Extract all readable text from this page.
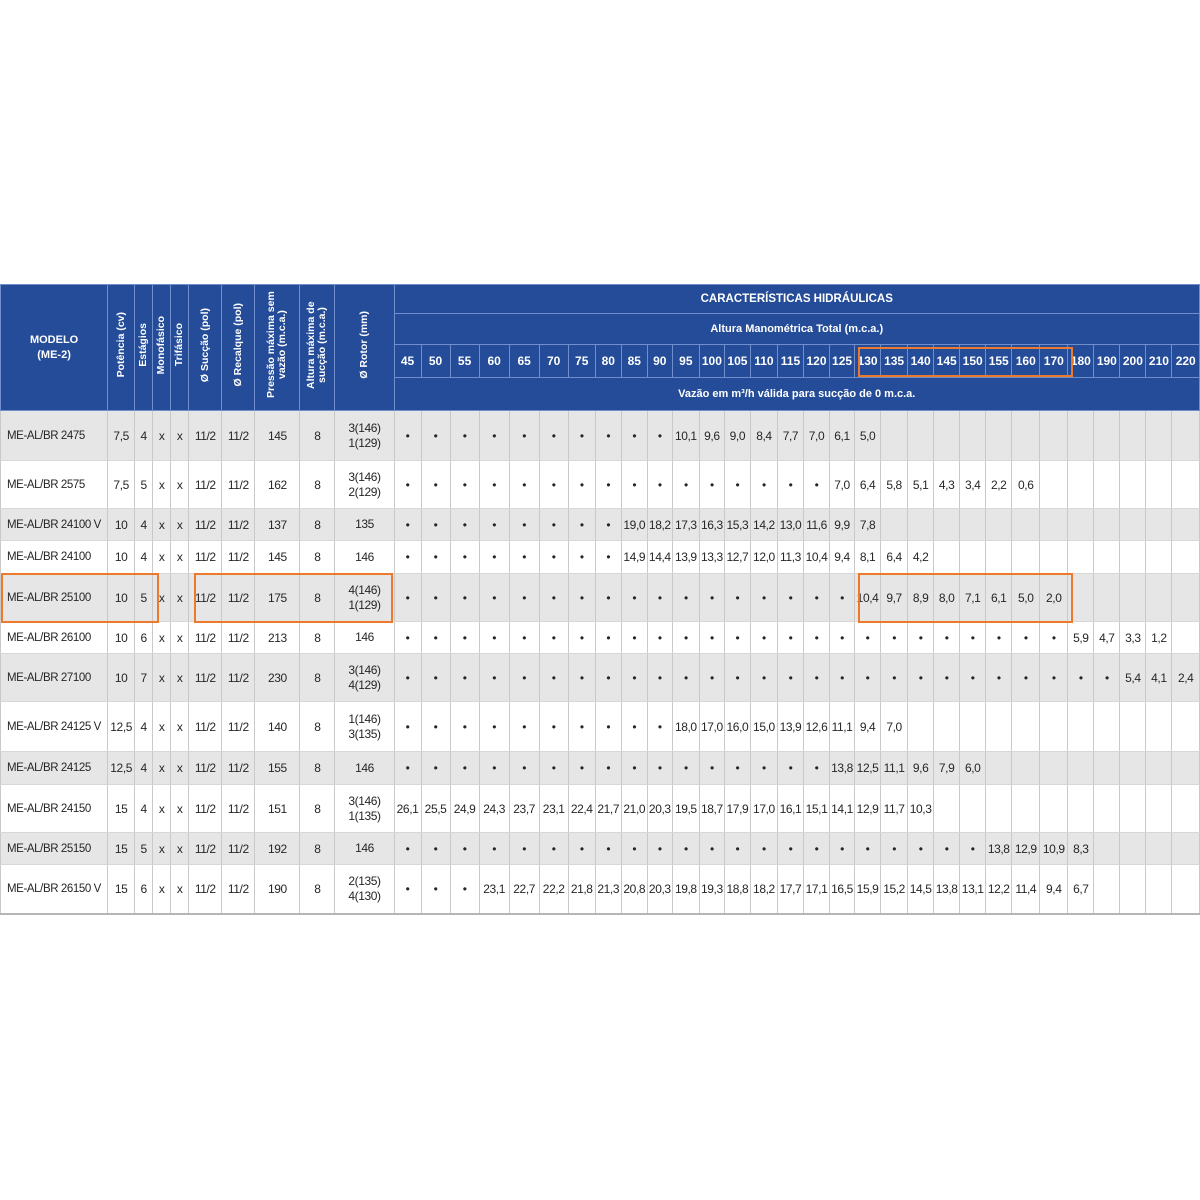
MODELO
(ME-2)	Potência (cv)	Estágios	Monofásico	Trifásico	Ø Sucção (pol)	Ø Recalque (pol)	Pressão máxima sem vazão (m.c.a.)	Altura máxima de sucção (m.c.a.)	Ø Rotor (mm)	CARACTERÍSTICAS HIDRÁULICAS																													
										Altura Manométrica Total (m.c.a.)																													
										45	50	55	60	65	70	75	80	85	90	95	100	105	110	115	120	125	130	135	140	145	150	155	160	170	180	190	200	210	220
										Vazão em m³/h válida para sucção de 0 m.c.a.																													
ME-AL/BR 2475	7,5	4	x	x	11/2	11/2	145	8	3(146)
1(129)	•	•	•	•	•	•	•	•	•	•	10,1	9,6	9,0	8,4	7,7	7,0	6,1	5,0												
ME-AL/BR 2575	7,5	5	x	x	11/2	11/2	162	8	3(146)
2(129)	•	•	•	•	•	•	•	•	•	•	•	•	•	•	•	•	7,0	6,4	5,8	5,1	4,3	3,4	2,2	0,6						
ME-AL/BR 24100 V	10	4	x	x	11/2	11/2	137	8	135	•	•	•	•	•	•	•	•	19,0	18,2	17,3	16,3	15,3	14,2	13,0	11,6	9,9	7,8												
ME-AL/BR 24100	10	4	x	x	11/2	11/2	145	8	146	•	•	•	•	•	•	•	•	14,9	14,4	13,9	13,3	12,7	12,0	11,3	10,4	9,4	8,1	6,4	4,2										
ME-AL/BR 25100	10	5	x	x	11/2	11/2	175	8	4(146)
1(129)	•	•	•	•	•	•	•	•	•	•	•	•	•	•	•	•	•	10,4	9,7	8,9	8,0	7,1	6,1	5,0	2,0					
ME-AL/BR 26100	10	6	x	x	11/2	11/2	213	8	146	•	•	•	•	•	•	•	•	•	•	•	•	•	•	•	•	•	•	•	•	•	•	•	•	•	5,9	4,7	3,3	1,2	
ME-AL/BR 27100	10	7	x	x	11/2	11/2	230	8	3(146)
4(129)	•	•	•	•	•	•	•	•	•	•	•	•	•	•	•	•	•	•	•	•	•	•	•	•	•	•	•	5,4	4,1	2,4
ME-AL/BR 24125 V	12,5	4	x	x	11/2	11/2	140	8	1(146)
3(135)	•	•	•	•	•	•	•	•	•	•	18,0	17,0	16,0	15,0	13,9	12,6	11,1	9,4	7,0											
ME-AL/BR 24125	12,5	4	x	x	11/2	11/2	155	8	146	•	•	•	•	•	•	•	•	•	•	•	•	•	•	•	•	13,8	12,5	11,1	9,6	7,9	6,0								
ME-AL/BR 24150	15	4	x	x	11/2	11/2	151	8	3(146)
1(135)	26,1	25,5	24,9	24,3	23,7	23,1	22,4	21,7	21,0	20,3	19,5	18,7	17,9	17,0	16,1	15,1	14,1	12,9	11,7	10,3										
ME-AL/BR 25150	15	5	x	x	11/2	11/2	192	8	146	•	•	•	•	•	•	•	•	•	•	•	•	•	•	•	•	•	•	•	•	•	•	13,8	12,9	10,9	8,3				
ME-AL/BR 26150 V	15	6	x	x	11/2	11/2	190	8	2(135)
4(130)	•	•	•	23,1	22,7	22,2	21,8	21,3	20,8	20,3	19,8	19,3	18,8	18,2	17,7	17,1	16,5	15,9	15,2	14,5	13,8	13,1	12,2	11,4	9,4	6,7				
